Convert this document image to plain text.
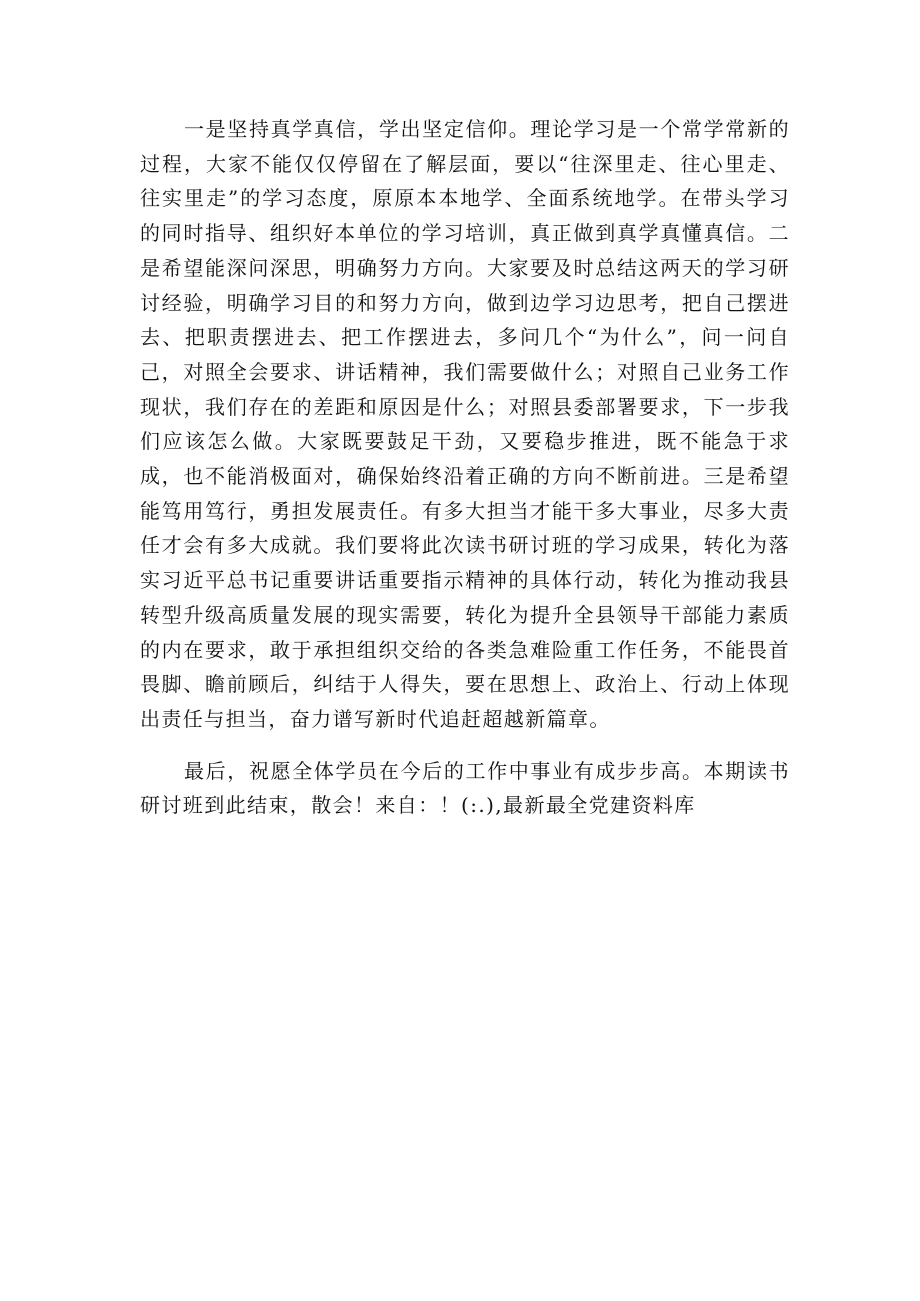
一是坚持真学真信，学出坚定信仰。理论学习是一个常学常新的过程，大家不能仅仅停留在了解层面，要以“往深里走、往心里走、往实里走”的学习态度，原原本本地学、全面系统地学。在带头学习的同时指导、组织好本单位的学习培训，真正做到真学真懂真信。二是希望能深问深思，明确努力方向。大家要及时总结这两天的学习研讨经验，明确学习目的和努力方向，做到边学习边思考，把自己摆进去、把职责摆进去、把工作摆进去，多问几个“为什么”，问一问自己，对照全会要求、讲话精神，我们需要做什么；对照自己业务工作现状，我们存在的差距和原因是什么；对照县委部署要求，下一步我们应该怎么做。大家既要鼓足干劲，又要稳步推进，既不能急于求成，也不能消极面对，确保始终沿着正确的方向不断前进。三是希望能笃用笃行，勇担发展责任。有多大担当才能干多大事业，尽多大责任才会有多大成就。我们要将此次读书研讨班的学习成果，转化为落实习近平总书记重要讲话重要指示精神的具体行动，转化为推动我县转型升级高质量发展的现实需要，转化为提升全县领导干部能力素质的内在要求，敢于承担组织交给的各类急难险重工作任务，不能畏首畏脚、瞻前顾后，纠结于人得失，要在思想上、政治上、行动上体现出责任与担当，奋力谱写新时代追赶超越新篇章。

最后，祝愿全体学员在今后的工作中事业有成步步高。本期读书研讨班到此结束，散会！来自：！(:.),最新最全党建资料库
